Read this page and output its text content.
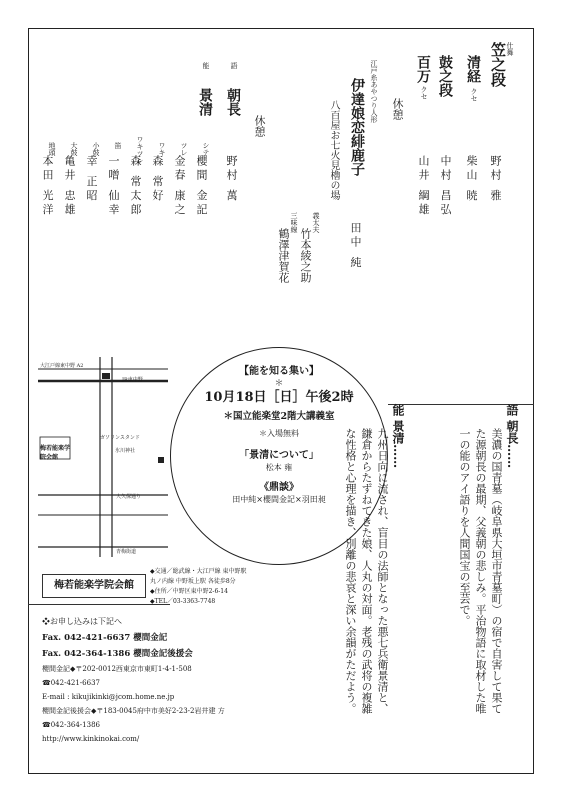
仕舞
笠之段
野村 雅
清経
クセ
柴山 暁
鼓之段
中村 昌弘
百万
クセ
山井 綱雄
休憩
江戸糸あやつり人形
伊達娘恋緋鹿子
八百屋お七火見櫓の場
田中 純
義太夫
竹本綾之助
三味線
鶴澤津賀花
休憩
語
朝長
野村 萬
能
景清
シテ
櫻間 金記
ツレ
金春 康之
ワキ
森 常好
ワキツレ
森 常太郎
笛
一噌 仙幸
小鼓
幸 正昭
大鼓
亀井 忠雄
地頭
本田 光洋
【能を知る集い】
＊
10月18日［日］午後2時
＊国立能楽堂2階大講義室
＊入場無料
「景清について」
松本 雍
《鼎談》
田中純×櫻間金記×羽田昶
大江戸線東中野 A2
JR東中野
ガソリンスタンド
氷川神社
梅若能楽学院会館
大久保通り
青梅街道
梅若能楽学院会館
◆交通／総武線・大江戸線 東中野駅
丸ノ内線 中野坂上駅 各徒歩8分
◆住所／中野区東中野2-6-14
◆TEL／03-3363-7748
❖お申し込みは下記へ
Fax. 042-421-6637 櫻間金記
Fax. 042-364-1386 櫻間金記後援会
櫻間金記◆〒202-0012西東京市東町1-4-1-508
☎042-421-6637
E-mail : kikujikinki@jcom.home.ne.jp
櫻間金記後援会◆〒183-0045府中市美好2-23-2岩井建 方
☎042-364-1386
http://www.kinkinokai.com/
語 朝長……
美濃の国青墓（岐阜県大垣市青墓町）の宿で自害して果てた源朝長の最期、父義朝の悲しみ。平治物語に取材した唯一の能のアイ語りを人間国宝の至芸で。
能 景清……
九州日向に流され、盲目の法師となった悪七兵衛景清と、鎌倉からたずねてきた娘、人丸の対面。老残の武将の複雑な性格と心理を描き、別離の悲哀と深い余韻がただよう。
